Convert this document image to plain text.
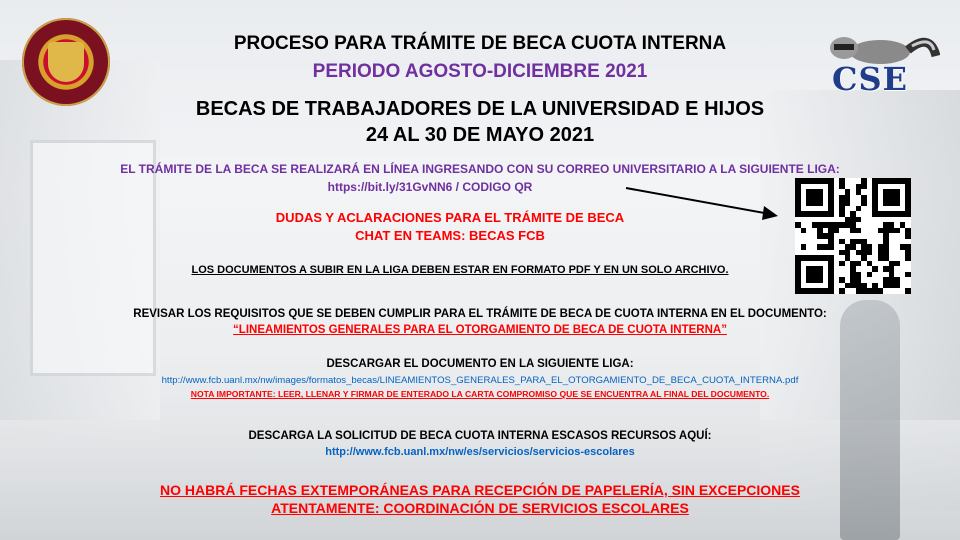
CSE

PROCESO PARA TRÁMITE DE BECA CUOTA INTERNA

PERIODO AGOSTO-DICIEMBRE 2021

BECAS DE TRABAJADORES DE LA UNIVERSIDAD E HIJOS

24 AL 30 DE MAYO 2021

EL TRÁMITE DE LA BECA SE REALIZARÁ EN LÍNEA INGRESANDO CON SU CORREO UNIVERSITARIO A LA SIGUIENTE LIGA:

https://bit.ly/31GvNN6 / CODIGO QR

DUDAS Y ACLARACIONES PARA EL TRÁMITE DE BECA

CHAT EN TEAMS: BECAS FCB

LOS DOCUMENTOS A SUBIR EN LA LIGA DEBEN ESTAR EN FORMATO PDF Y EN UN SOLO ARCHIVO.

REVISAR LOS REQUISITOS QUE SE DEBEN CUMPLIR PARA EL TRÁMITE DE BECA DE CUOTA INTERNA EN EL DOCUMENTO:

“LINEAMIENTOS GENERALES PARA EL OTORGAMIENTO DE BECA DE CUOTA INTERNA”

DESCARGAR EL DOCUMENTO EN LA SIGUIENTE LIGA:

http://www.fcb.uanl.mx/nw/images/formatos_becas/LINEAMIENTOS_GENERALES_PARA_EL_OTORGAMIENTO_DE_BECA_CUOTA_INTERNA.pdf

NOTA IMPORTANTE: LEER, LLENAR Y FIRMAR DE ENTERADO LA CARTA COMPROMISO QUE SE ENCUENTRA AL FINAL DEL DOCUMENTO.

DESCARGA LA SOLICITUD DE BECA CUOTA INTERNA ESCASOS RECURSOS AQUÍ:

http://www.fcb.uanl.mx/nw/es/servicios/servicios-escolares

NO HABRÁ FECHAS EXTEMPORÁNEAS PARA RECEPCIÓN DE PAPELERÍA, SIN EXCEPCIONES

ATENTAMENTE: COORDINACIÓN DE SERVICIOS ESCOLARES
